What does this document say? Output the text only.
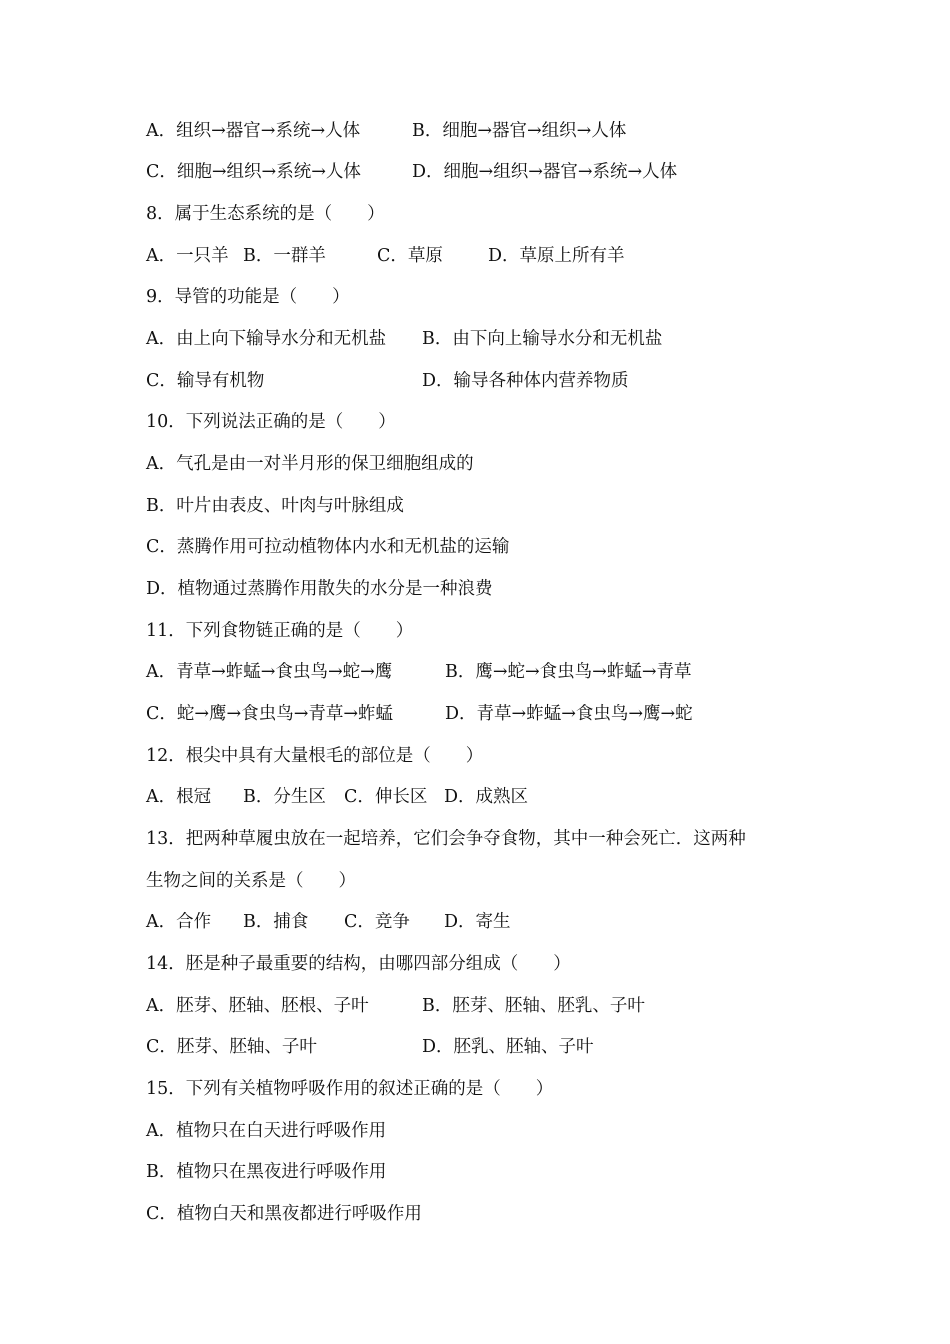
A．组织→器官→系统→人体	B．细胞→器官→组织→人体
C．细胞→组织→系统→人体	D．细胞→组织→器官→系统→人体
8．属于生态系统的是（　　）
A．一只羊 B．一群羊	C．草原	D．草原上所有羊
9．导管的功能是（　　）
A．由上向下输导水分和无机盐 B．由下向上输导水分和无机盐
C．输导有机物	D．输导各种体内营养物质
10．下列说法正确的是（　　）
A．气孔是由一对半月形的保卫细胞组成的
B．叶片由表皮、叶肉与叶脉组成
C．蒸腾作用可拉动植物体内水和无机盐的运输
D．植物通过蒸腾作用散失的水分是一种浪费
11．下列食物链正确的是（　　）
A．青草→蚱蜢→食虫鸟→蛇→鹰	B．鹰→蛇→食虫鸟→蚱蜢→青草
C．蛇→鹰→食虫鸟→青草→蚱蜢	D．青草→蚱蜢→食虫鸟→鹰→蛇
12．根尖中具有大量根毛的部位是（　　）
A．根冠 B．分生区 C．伸长区 D．成熟区
13．把两种草履虫放在一起培养，它们会争夺食物，其中一种会死亡．这两种
生物之间的关系是（　　）
A．合作 B．捕食 C．竞争 D．寄生
14．胚是种子最重要的结构，由哪四部分组成（　　）
A．胚芽、胚轴、胚根、子叶	B．胚芽、胚轴、胚乳、子叶
C．胚芽、胚轴、子叶	D．胚乳、胚轴、子叶
15．下列有关植物呼吸作用的叙述正确的是（　　）
A．植物只在白天进行呼吸作用
B．植物只在黑夜进行呼吸作用
C．植物白天和黑夜都进行呼吸作用
